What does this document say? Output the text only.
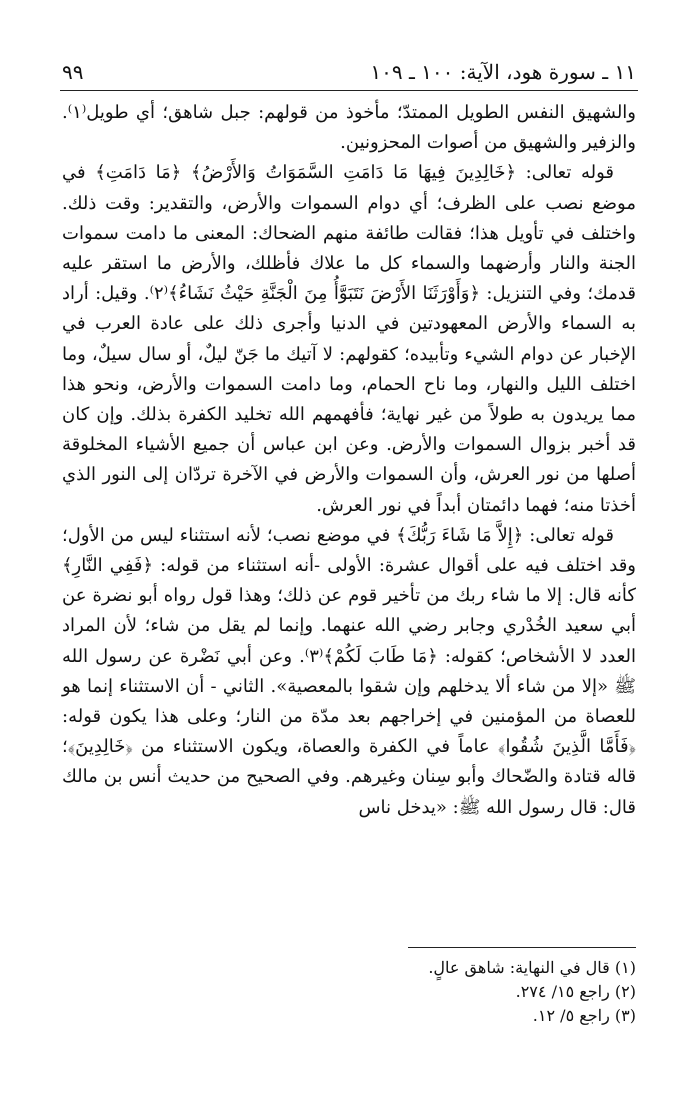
١١ ـ سورة هود، الآية: ١٠٠ ـ ١٠٩
٩٩

والشهيق النفس الطويل الممتدّ؛ مأخوذ من قولهم: جبل شاهق؛ أي طويل⁽١⁾. والزفير والشهيق من أصوات المحزونين.

قوله تعالى: ﴿خَالِدِينَ فِيهَا مَا دَامَتِ السَّمَوَاتُ وَالأَرْضُ﴾ ﴿مَا دَامَتِ﴾ في موضع نصب على الظرف؛ أي دوام السموات والأرض، والتقدير: وقت ذلك. واختلف في تأويل هذا؛ فقالت طائفة منهم الضحاك: المعنى ما دامت سموات الجنة والنار وأرضهما والسماء كل ما علاك فأظلك، والأرض ما استقر عليه قدمك؛ وفي التنزيل: ﴿وَأَوْرَثَنَا الأَرْضَ نَتَبَوَّأُ مِنَ الْجَنَّةِ حَيْثُ نَشَاءُ﴾⁽٢⁾. وقيل: أراد به السماء والأرض المعهودتين في الدنيا وأجرى ذلك على عادة العرب في الإخبار عن دوام الشيء وتأبيده؛ كقولهم: لا آتيك ما جَنّ ليلٌ، أو سال سيلٌ، وما اختلف الليل والنهار، وما ناح الحمام، وما دامت السموات والأرض، ونحو هذا مما يريدون به طولاً من غير نهاية؛ فأفهمهم الله تخليد الكفرة بذلك. وإن كان قد أخبر بزوال السموات والأرض. وعن ابن عباس أن جميع الأشياء المخلوقة أصلها من نور العرش، وأن السموات والأرض في الآخرة تردّان إلى النور الذي أخذتا منه؛ فهما دائمتان أبداً في نور العرش.

قوله تعالى: ﴿إِلاَّ مَا شَاءَ رَبُّكَ﴾ في موضع نصب؛ لأنه استثناء ليس من الأول؛ وقد اختلف فيه على أقوال عشرة: الأولى -أنه استثناء من قوله: ﴿فَفِي النَّارِ﴾ كأنه قال: إلا ما شاء ربك من تأخير قوم عن ذلك؛ وهذا قول رواه أبو نضرة عن أبي سعيد الخُدْري وجابر رضي الله عنهما. وإنما لم يقل من شاء؛ لأن المراد العدد لا الأشخاص؛ كقوله: ﴿مَا طَابَ لَكُمْ﴾⁽٣⁾. وعن أبي نَضْرة عن رسول الله ﷺ «إلا من شاء ألا يدخلهم وإن شقوا بالمعصية». الثاني - أن الاستثناء إنما هو للعصاة من المؤمنين في إخراجهم بعد مدّة من النار؛ وعلى هذا يكون قوله: ﴿فَأَمَّا الَّذِينَ شُقُوا﴾ عاماً في الكفرة والعصاة، ويكون الاستثناء من ﴿خَالِدِينَ﴾؛ قاله قتادة والضّحاك وأبو سِنان وغيرهم. وفي الصحيح من حديث أنس بن مالك قال: قال رسول الله ﷺ: «يدخل ناس

(١) قال في النهاية: شاهق عالٍ.
(٢) راجع ١٥/ ٢٧٤.
(٣) راجع ٥/ ١٢.
